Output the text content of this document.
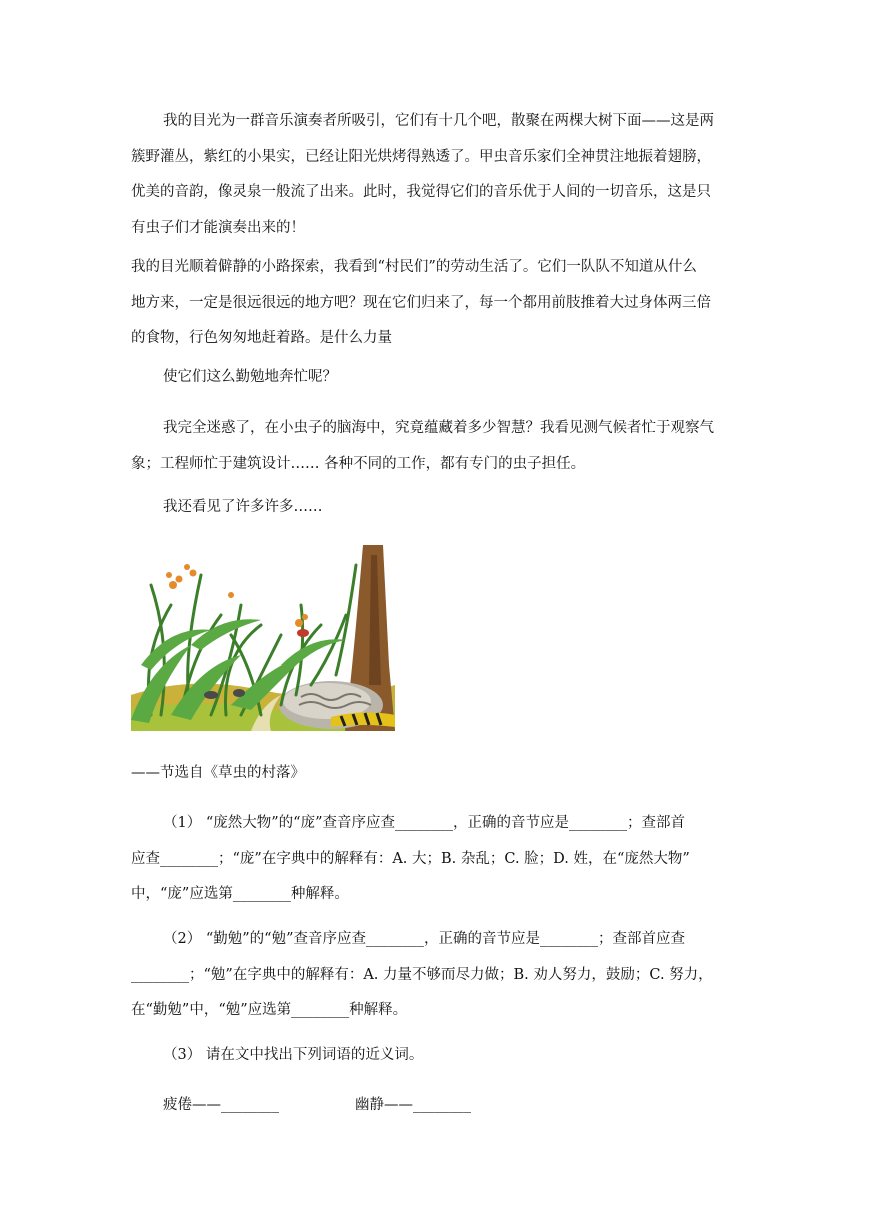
我的目光为一群音乐演奏者所吸引，它们有十几个吧，散聚在两棵大树下面——这是两
簇野灌丛，紫红的小果实，已经让阳光烘烤得熟透了。甲虫音乐家们全神贯注地振着翅膀，
优美的音韵，像灵泉一般流了出来。此时，我觉得它们的音乐优于人间的一切音乐，这是只
有虫子们才能演奏出来的！
我的目光顺着僻静的小路探索，我看到“村民们”的劳动生活了。它们一队队不知道从什么
地方来，一定是很远很远的地方吧？现在它们归来了，每一个都用前肢推着大过身体两三倍
的食物，行色匆匆地赶着路。是什么力量
使它们这么勤勉地奔忙呢？
我完全迷惑了，在小虫子的脑海中，究竟蕴藏着多少智慧？我看见测气候者忙于观察气
象；工程师忙于建筑设计…… 各种不同的工作，都有专门的虫子担任。
我还看见了许多许多……
——节选自《草虫的村落》
（1） “庞然大物”的“庞”查音序应查________，正确的音节应是________；查部首
应查________；“庞”在字典中的解释有：A. 大；B. 杂乱；C. 脸；D. 姓，在“庞然大物”
中，“庞”应选第________种解释。
（2） “勤勉”的“勉”查音序应查________，正确的音节应是________；查部首应查
________；“勉”在字典中的解释有：A. 力量不够而尽力做；B. 劝人努力，鼓励；C. 努力，
在“勤勉”中，“勉”应选第________种解释。
（3） 请在文中找出下列词语的近义词。
疲倦——________	幽静——________
